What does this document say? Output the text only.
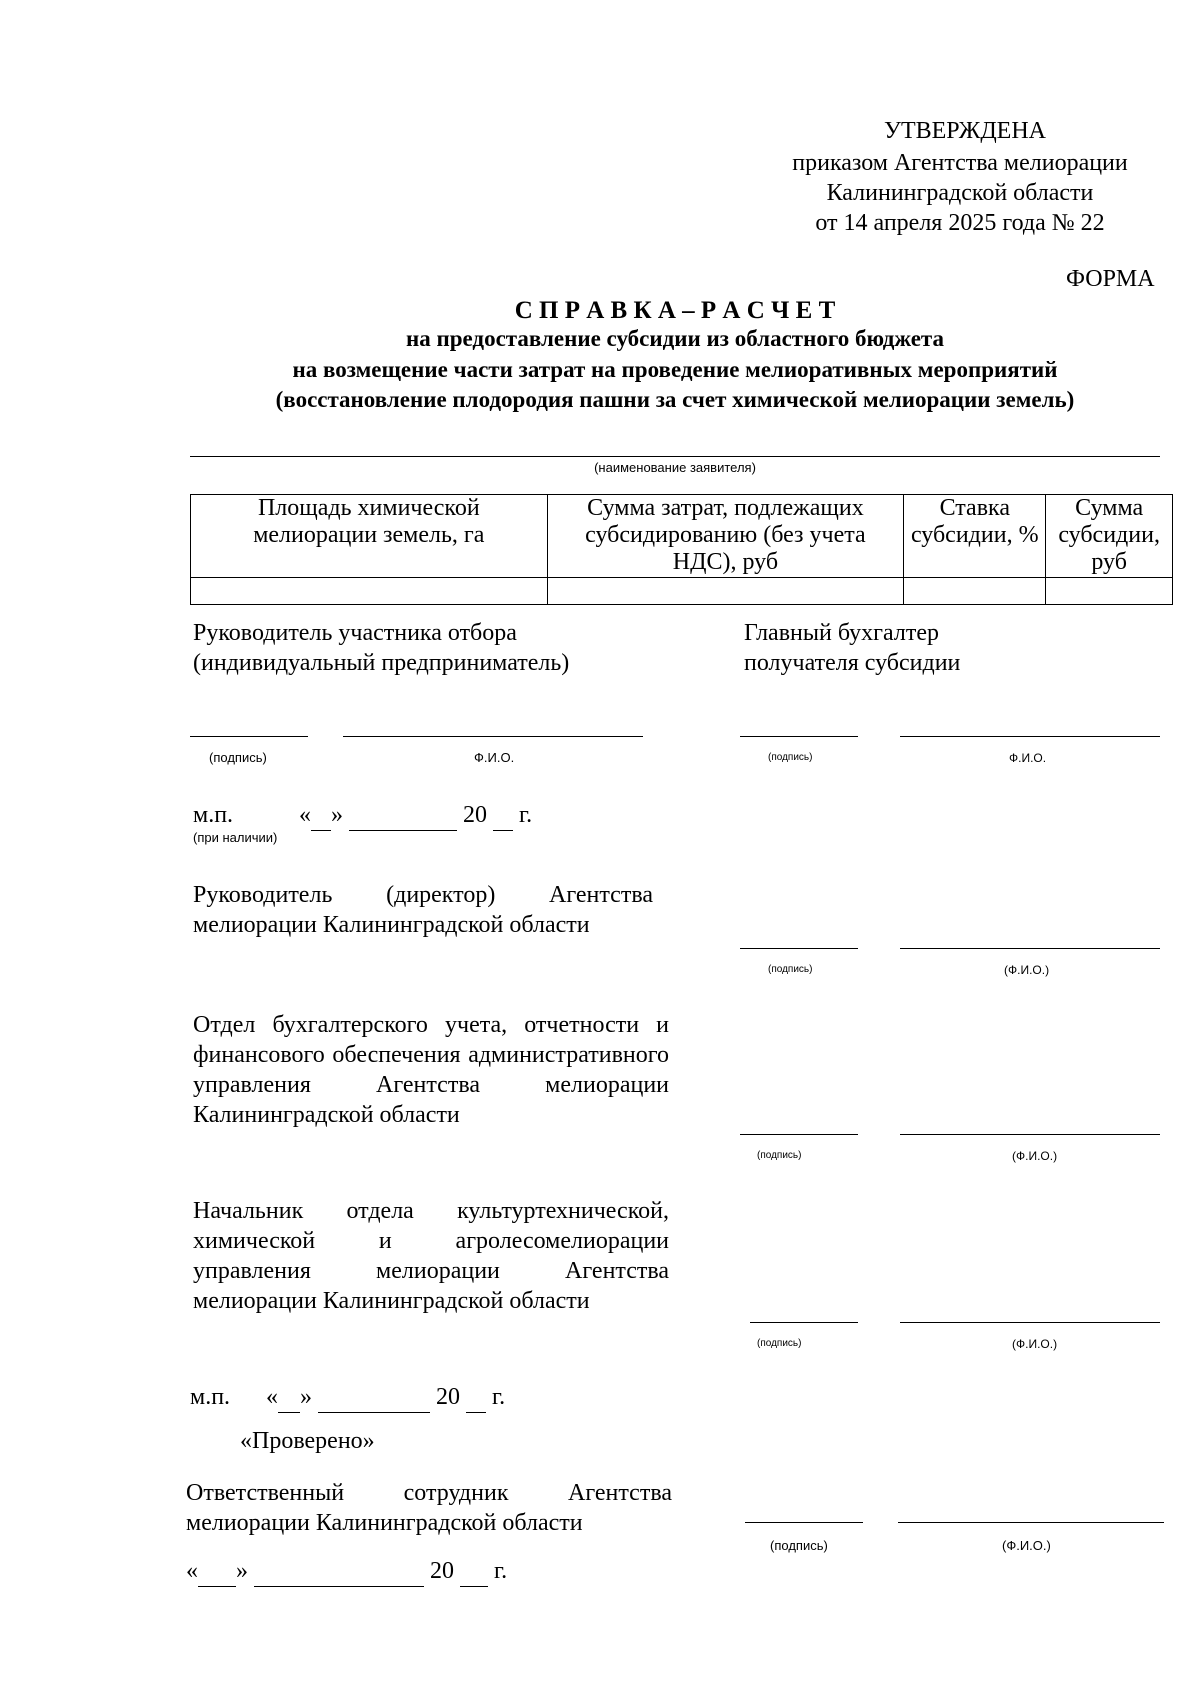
УТВЕРЖДЕНА
приказом Агентства мелиорации
Калининградской области
от 14 апреля 2025 года № 22
ФОРМА
С П Р А В К А – Р А С Ч Е Т
на предоставление субсидии из областного бюджета
на возмещение части затрат на проведение мелиоративных мероприятий
(восстановление плодородия пашни за счет химической мелиорации земель)
(наименование заявителя)
Площадь химической мелиорации земель, га	Сумма затрат, подлежащих субсидированию (без учета НДС), руб	Ставка субсидии, %	Сумма субсидии, руб

Руководитель участника отбора
(индивидуальный предприниматель)
Главный бухгалтер
получателя субсидии
(подпись)	Ф.И.О.	(подпись)	Ф.И.О.
м.п.	« »	20 г.
(при наличии)
Руководитель (директор) Агентства мелиорации Калининградской области
(подпись)	(Ф.И.О.)
Отдел бухгалтерского учета, отчетности и финансового обеспечения административного управления Агентства мелиорации Калининградской области
(подпись)	(Ф.И.О.)
Начальник отдела культуртехнической, химической и агролесомелиорации управления мелиорации Агентства мелиорации Калининградской области
(подпись)	(Ф.И.О.)
м.п. « »	20 г.
«Проверено»
Ответственный сотрудник Агентства мелиорации Калининградской области
(подпись)	(Ф.И.О.)
« »	20 г.
